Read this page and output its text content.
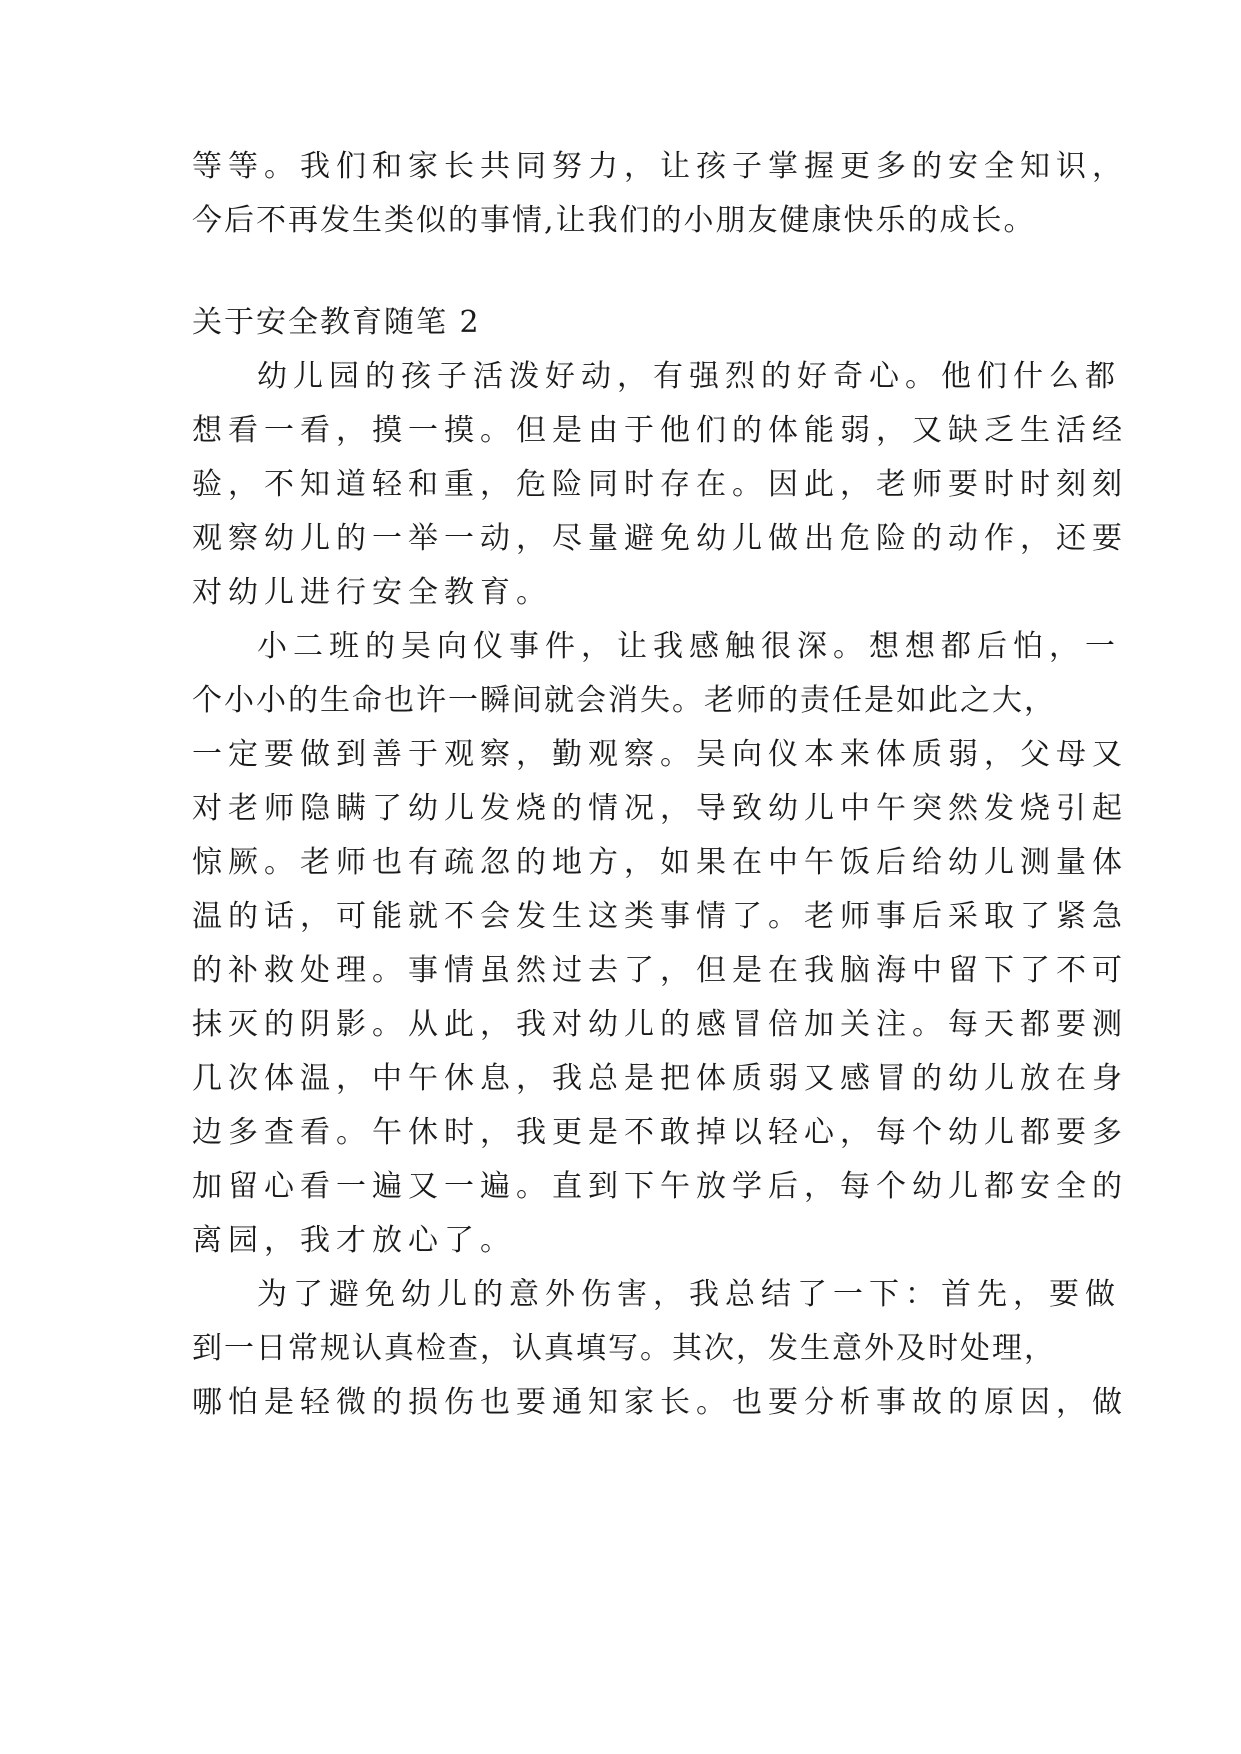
等等。我们和家长共同努力，让孩子掌握更多的安全知识，
今后不再发生类似的事情,让我们的小朋友健康快乐的成长。
关于安全教育随笔 2
幼儿园的孩子活泼好动，有强烈的好奇心。他们什么都
想看一看，摸一摸。但是由于他们的体能弱，又缺乏生活经
验，不知道轻和重，危险同时存在。因此，老师要时时刻刻
观察幼儿的一举一动，尽量避免幼儿做出危险的动作，还要
对幼儿进行安全教育。
小二班的吴向仪事件，让我感触很深。想想都后怕，一
个小小的生命也许一瞬间就会消失。老师的责任是如此之大，
一定要做到善于观察，勤观察。吴向仪本来体质弱，父母又
对老师隐瞒了幼儿发烧的情况，导致幼儿中午突然发烧引起
惊厥。老师也有疏忽的地方，如果在中午饭后给幼儿测量体
温的话，可能就不会发生这类事情了。老师事后采取了紧急
的补救处理。事情虽然过去了，但是在我脑海中留下了不可
抹灭的阴影。从此，我对幼儿的感冒倍加关注。每天都要测
几次体温，中午休息，我总是把体质弱又感冒的幼儿放在身
边多查看。午休时，我更是不敢掉以轻心，每个幼儿都要多
加留心看一遍又一遍。直到下午放学后，每个幼儿都安全的
离园，我才放心了。
为了避免幼儿的意外伤害，我总结了一下：首先，要做
到一日常规认真检查，认真填写。其次，发生意外及时处理，
哪怕是轻微的损伤也要通知家长。也要分析事故的原因，做
